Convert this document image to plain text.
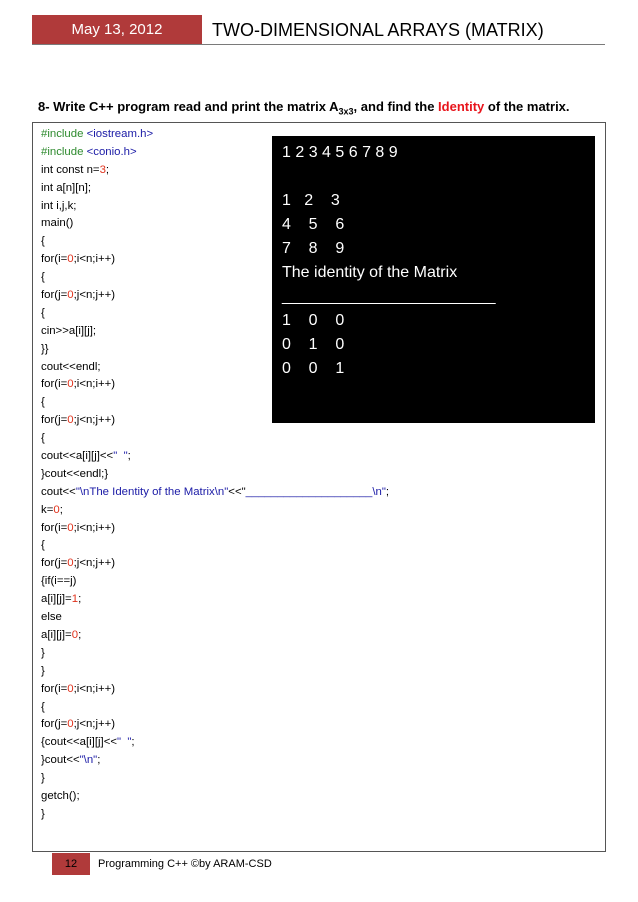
May 13, 2012	TWO-DIMENSIONAL ARRAYS (MATRIX)
8- Write C++ program read and print the matrix $A_{3x3}$, and find the Identity of the matrix.
#include <iostream.h>
#include <conio.h>
int const n=3;
int a[n][n];
int i,j,k;
main()
{
for(i=0;i<n;i++)
{
for(j=0;j<n;j++)
{
cin>>a[i][j];
}}
cout<<endl;
for(i=0;i<n;i++)
{
for(j=0;j<n;j++)
{
cout<<a[i][j]<<"  ";
}cout<<endl;}
cout<<"\nThe Identity of the Matrix\n"<<"____________________\n";
k=0;
for(i=0;i<n;i++)
{
for(j=0;j<n;j++)
{if(i==j)
a[i][j]=1;
else
a[i][j]=0;
}
}
for(i=0;i<n;i++)
{
for(j=0;j<n;j++)
{cout<<a[i][j]<<"  ";
}cout<<"\n";
}
getch();
}
1 2 3 4 5 6 7 8 9
1   2    3
4    5    6
7    8    9
The identity of the Matrix
________________________
1    0    0
0    1    0
0    0    1
12	Programming C++ ©by ARAM-CSD
